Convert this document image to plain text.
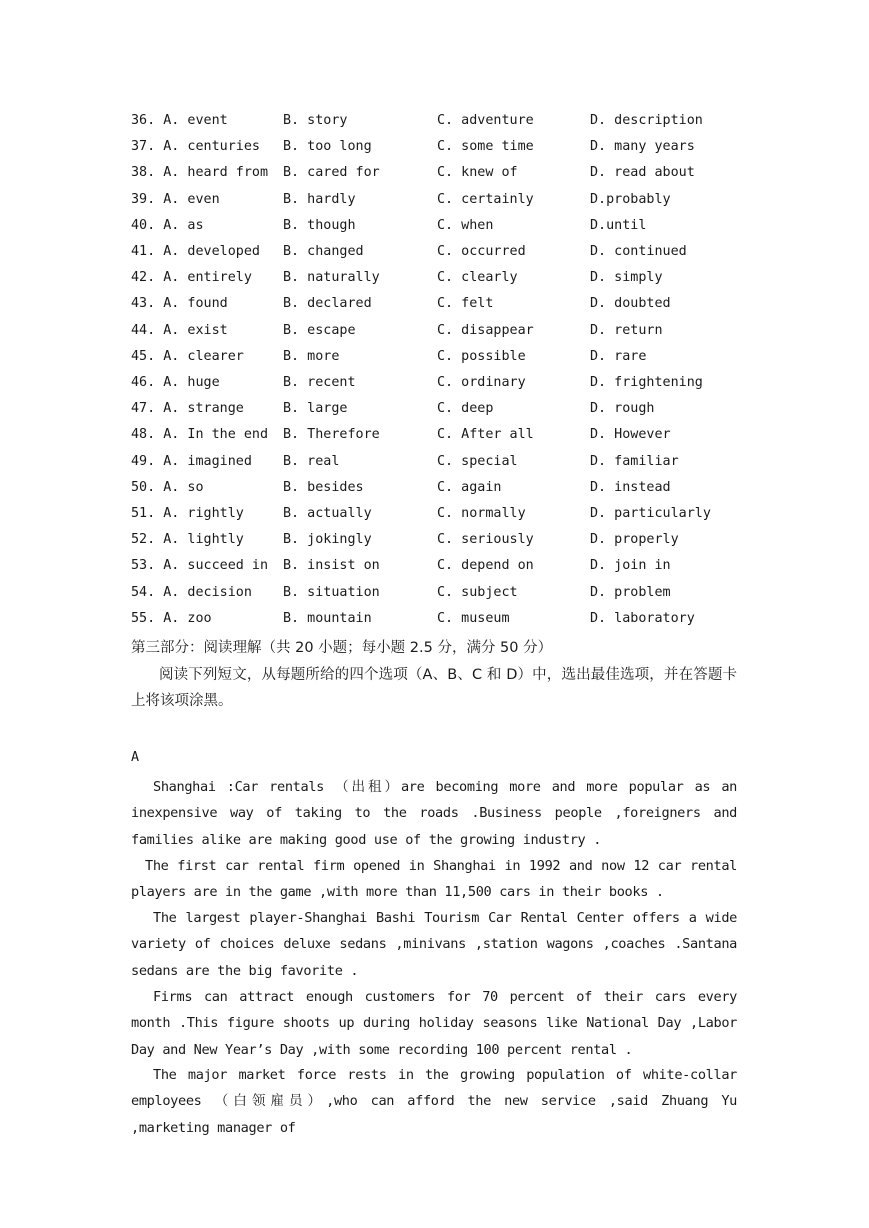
36. A. event	B. story	C. adventure	D. description
37. A. centuries B. too long	C. some time	D. many years
38. A. heard from B. cared for	C. knew of	D. read about
39. A. even	B. hardly	C. certainly	D.probably
40. A. as	B. though	C. when	D.until
41. A. developed B. changed	C. occurred	D. continued
42. A. entirely B. naturally	C. clearly	D. simply
43. A. found	B. declared	C. felt	D. doubted
44. A. exist	B. escape	C. disappear	D. return
45. A. clearer	B. more	C. possible	D. rare
46. A. huge	B. recent	C. ordinary	D. frightening
47. A. strange	B. large	C. deep	D. rough
48. A. In the end B. Therefore	C. After all	D. However
49. A. imagined B. real	C. special	D. familiar
50. A. so	B. besides	C. again	D. instead
51. A. rightly	B. actually	C. normally	D. particularly
52. A. lightly	B. jokingly	C. seriously	D. properly
53. A. succeed in B. insist on	C. depend on	D. join in
54. A. decision B. situation	C. subject	D. problem
55. A. zoo	B. mountain	C. museum	D. laboratory
第三部分：阅读理解（共 20 小题；每小题 2.5 分，满分 50 分）
阅读下列短文，从每题所给的四个选项（A、B、C 和 D）中，选出最佳选项，并在答题卡上将该项涂黑。
A
Shanghai :Car rentals （出租）are becoming more and more popular as an inexpensive way of taking to the roads .Business people ,foreigners and families alike are making good use of the growing industry .
The first car rental firm opened in Shanghai in 1992 and now 12 car rental players are in the game ,with more than 11,500 cars in their books .
The largest player-Shanghai Bashi Tourism Car Rental Center offers a wide variety of choices deluxe sedans ,minivans ,station wagons ,coaches .Santana sedans are the big favorite .
Firms can attract enough customers for 70 percent of their cars every month .This figure shoots up during holiday seasons like National Day ,Labor Day and New Year’s Day ,with some recording 100 percent rental .
The major market force rests in the growing population of white-collar employees （白领雇员）,who can afford the new service ,said Zhuang Yu ,marketing manager of
